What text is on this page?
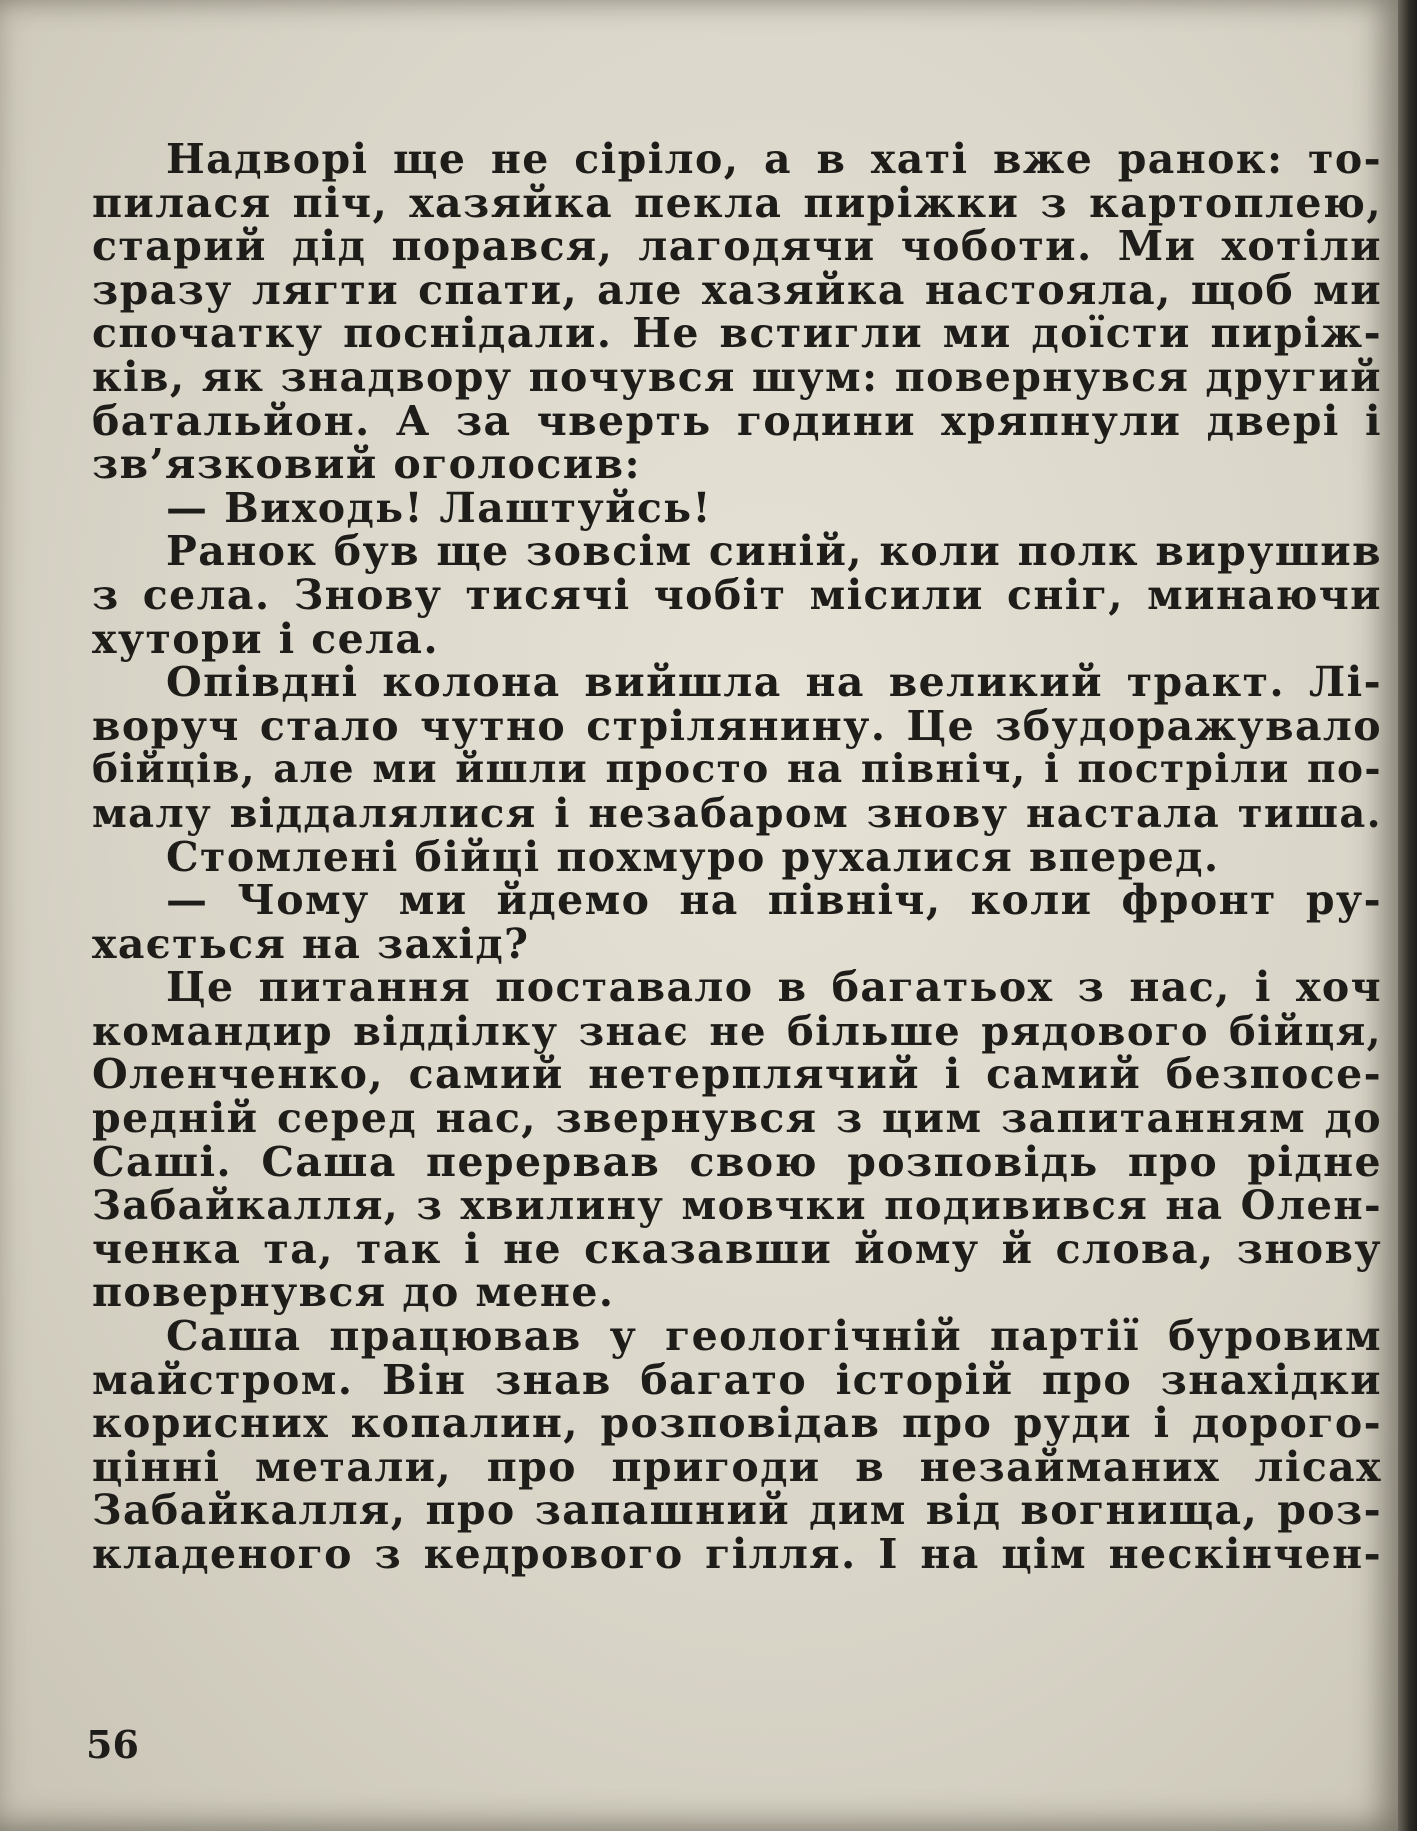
Надворі ще не сіріло, а в хаті вже ранок: то-
пилася піч, хазяйка пекла пиріжки з картоплею,
старий дід порався, лагодячи чоботи. Ми хотіли
зразу лягти спати, але хазяйка настояла, щоб ми
спочатку поснідали. Не встигли ми доїсти пиріж-
ків, як знадвору почувся шум: повернувся другий
батальйон. А за чверть години хряпнули двері і
зв’язковий оголосив:
— Виходь! Лаштуйсь!
Ранок був ще зовсім синій, коли полк вирушив
з села. Знову тисячі чобіт місили сніг, минаючи
хутори і села.
Опівдні колона вийшла на великий тракт. Лі-
воруч стало чутно стрілянину. Це збудоражувало
бійців, але ми йшли просто на північ, і постріли по-
малу віддалялися і незабаром знову настала тиша.
Стомлені бійці похмуро рухалися вперед.
— Чому ми йдемо на північ, коли фронт ру-
хається на захід?
Це питання поставало в багатьох з нас, і хоч
командир відділку знає не більше рядового бійця,
Оленченко, самий нетерплячий і самий безпосе-
редній серед нас, звернувся з цим запитанням до
Саші. Саша перервав свою розповідь про рідне
Забайкалля, з хвилину мовчки подивився на Олен-
ченка та, так і не сказавши йому й слова, знову
повернувся до мене.
Саша працював у геологічній партії буровим
майстром. Він знав багато історій про знахідки
корисних копалин, розповідав про руди і дорого-
цінні метали, про пригоди в незайманих лісах
Забайкалля, про запашний дим від вогнища, роз-
кладеного з кедрового гілля. І на цім нескінчен-
56
